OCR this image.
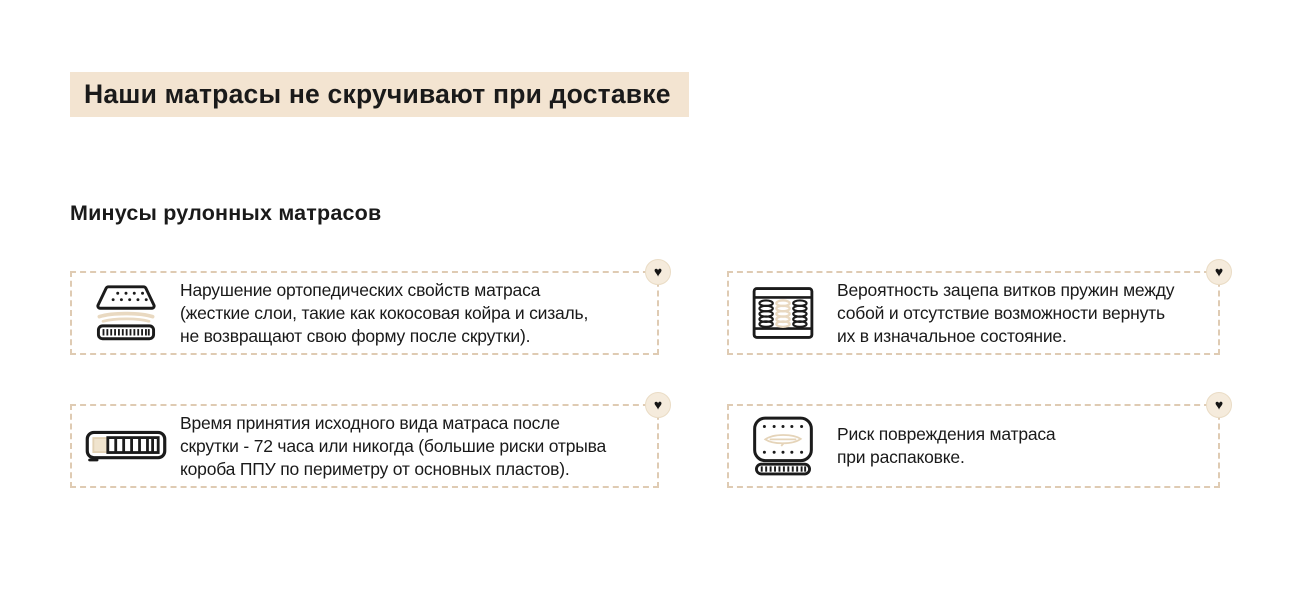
Наши матрасы не скручивают при доставке
Минусы рулонных матрасов
♥
Нарушение ортопедических свойств матраса
(жесткие слои, такие как кокосовая койра и сизаль,
не возвращают свою форму после скрутки).
♥
Вероятность зацепа витков пружин между
собой и отсутствие возможности вернуть
их в изначальное состояние.
♥
Время принятия исходного вида матраса после
скрутки - 72 часа или никогда (большие риски отрыва
короба ППУ по периметру от основных пластов).
♥
Риск повреждения матраса
при распаковке.
